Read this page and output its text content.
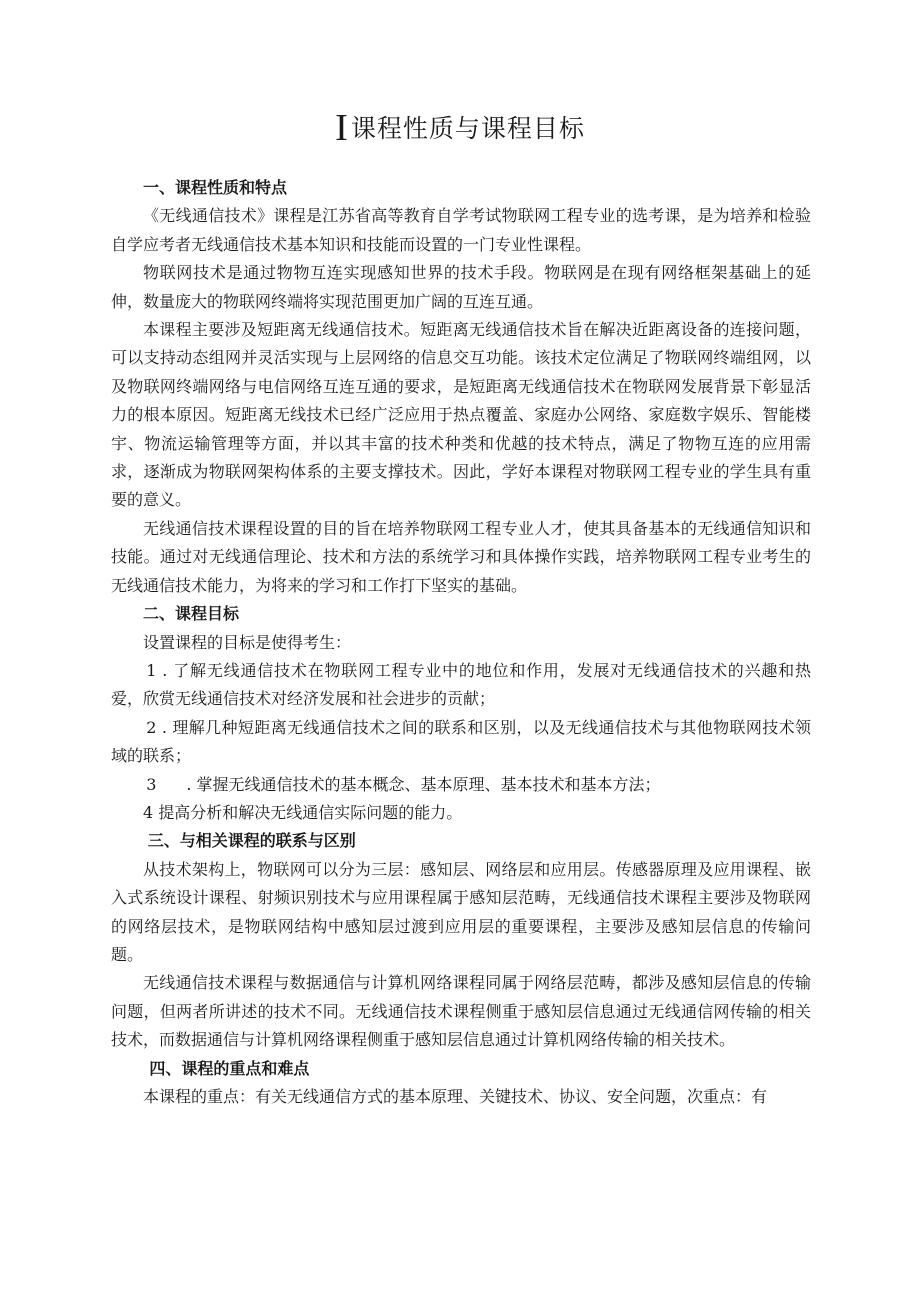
I课程性质与课程目标
一、课程性质和特点

《无线通信技术》课程是江苏省高等教育自学考试物联网工程专业的选考课，是为培养和检验自学应考者无线通信技术基本知识和技能而设置的一门专业性课程。

物联网技术是通过物物互连实现感知世界的技术手段。物联网是在现有网络框架基础上的延伸，数量庞大的物联网终端将实现范围更加广阔的互连互通。

本课程主要涉及短距离无线通信技术。短距离无线通信技术旨在解决近距离设备的连接问题，可以支持动态组网并灵活实现与上层网络的信息交互功能。该技术定位满足了物联网终端组网，以及物联网终端网络与电信网络互连互通的要求，是短距离无线通信技术在物联网发展背景下彰显活力的根本原因。短距离无线技术已经广泛应用于热点覆盖、家庭办公网络、家庭数字娱乐、智能楼宇、物流运输管理等方面，并以其丰富的技术种类和优越的技术特点，满足了物物互连的应用需求，逐渐成为物联网架构体系的主要支撑技术。因此，学好本课程对物联网工程专业的学生具有重要的意义。

无线通信技术课程设置的目的旨在培养物联网工程专业人才，使其具备基本的无线通信知识和技能。通过对无线通信理论、技术和方法的系统学习和具体操作实践，培养物联网工程专业考生的无线通信技术能力，为将来的学习和工作打下坚实的基础。

二、课程目标

设置课程的目标是使得考生：

1 . 了解无线通信技术在物联网工程专业中的地位和作用，发展对无线通信技术的兴趣和热爱，欣赏无线通信技术对经济发展和社会进步的贡献；

2 . 理解几种短距离无线通信技术之间的联系和区别，以及无线通信技术与其他物联网技术领域的联系；

3 . 掌握无线通信技术的基本概念、基本原理、基本技术和基本方法；

4 提高分析和解决无线通信实际问题的能力。

三、与相关课程的联系与区别

从技术架构上，物联网可以分为三层：感知层、网络层和应用层。传感器原理及应用课程、嵌入式系统设计课程、射频识别技术与应用课程属于感知层范畴，无线通信技术课程主要涉及物联网的网络层技术，是物联网结构中感知层过渡到应用层的重要课程，主要涉及感知层信息的传输问题。

无线通信技术课程与数据通信与计算机网络课程同属于网络层范畴，都涉及感知层信息的传输问题，但两者所讲述的技术不同。无线通信技术课程侧重于感知层信息通过无线通信网传输的相关技术，而数据通信与计算机网络课程侧重于感知层信息通过计算机网络传输的相关技术。

四、课程的重点和难点

本课程的重点：有关无线通信方式的基本原理、关键技术、协议、安全问题，次重点：有
